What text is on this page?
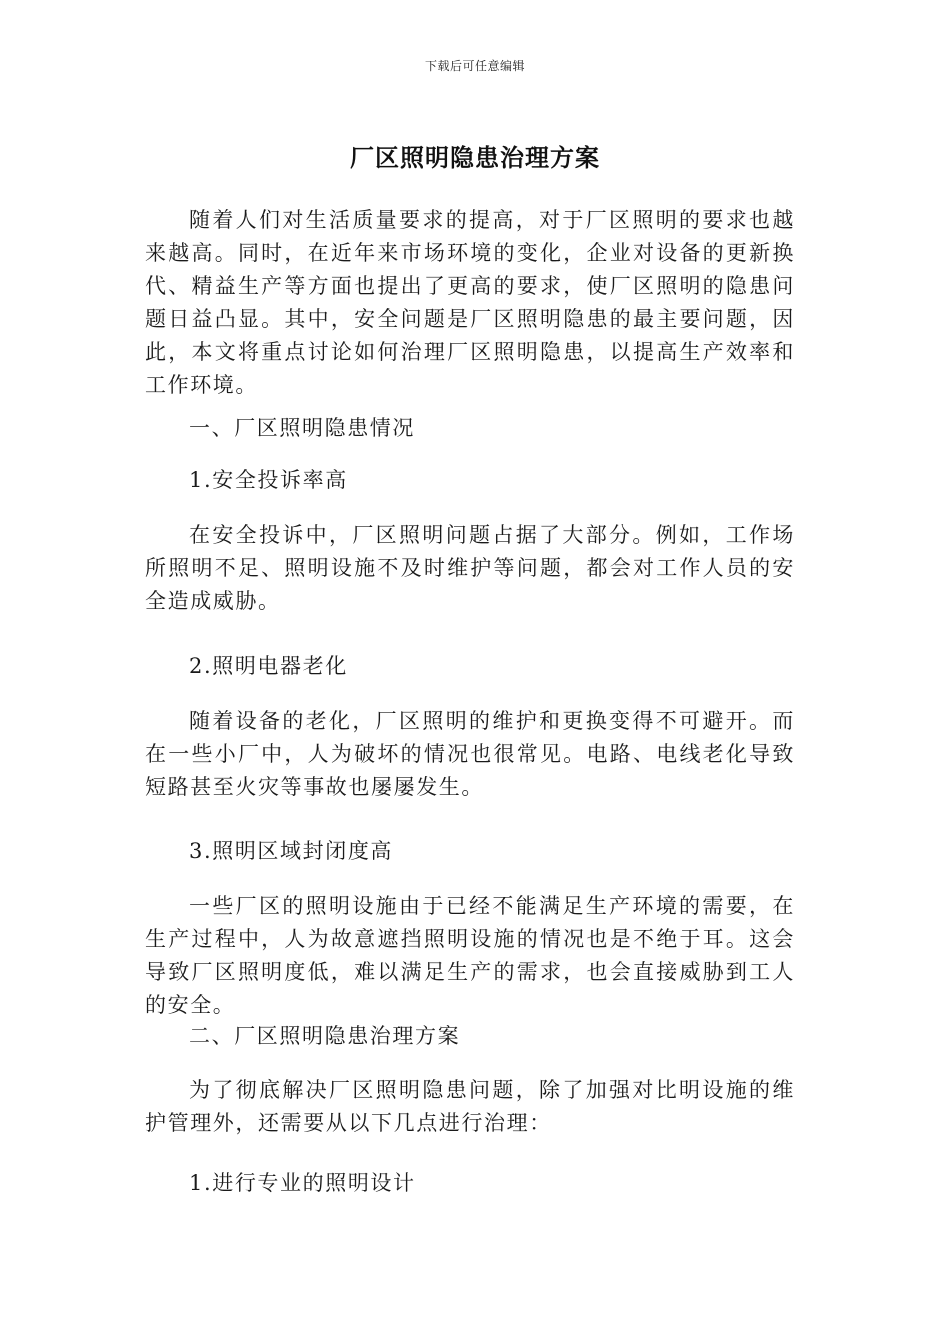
下载后可任意编辑
厂区照明隐患治理方案

随着人们对生活质量要求的提高，对于厂区照明的要求也越来越高。同时，在近年来市场环境的变化，企业对设备的更新换代、精益生产等方面也提出了更高的要求，使厂区照明的隐患问题日益凸显。其中，安全问题是厂区照明隐患的最主要问题，因此，本文将重点讨论如何治理厂区照明隐患，以提高生产效率和工作环境。

一、厂区照明隐患情况

1.安全投诉率高

在安全投诉中，厂区照明问题占据了大部分。例如，工作场所照明不足、照明设施不及时维护等问题，都会对工作人员的安全造成威胁。

2.照明电器老化

随着设备的老化，厂区照明的维护和更换变得不可避开。而在一些小厂中，人为破坏的情况也很常见。电路、电线老化导致短路甚至火灾等事故也屡屡发生。

3.照明区域封闭度高

一些厂区的照明设施由于已经不能满足生产环境的需要，在生产过程中，人为故意遮挡照明设施的情况也是不绝于耳。这会导致厂区照明度低，难以满足生产的需求，也会直接威胁到工人的安全。

二、厂区照明隐患治理方案

为了彻底解决厂区照明隐患问题，除了加强对比明设施的维护管理外，还需要从以下几点进行治理：

1.进行专业的照明设计
